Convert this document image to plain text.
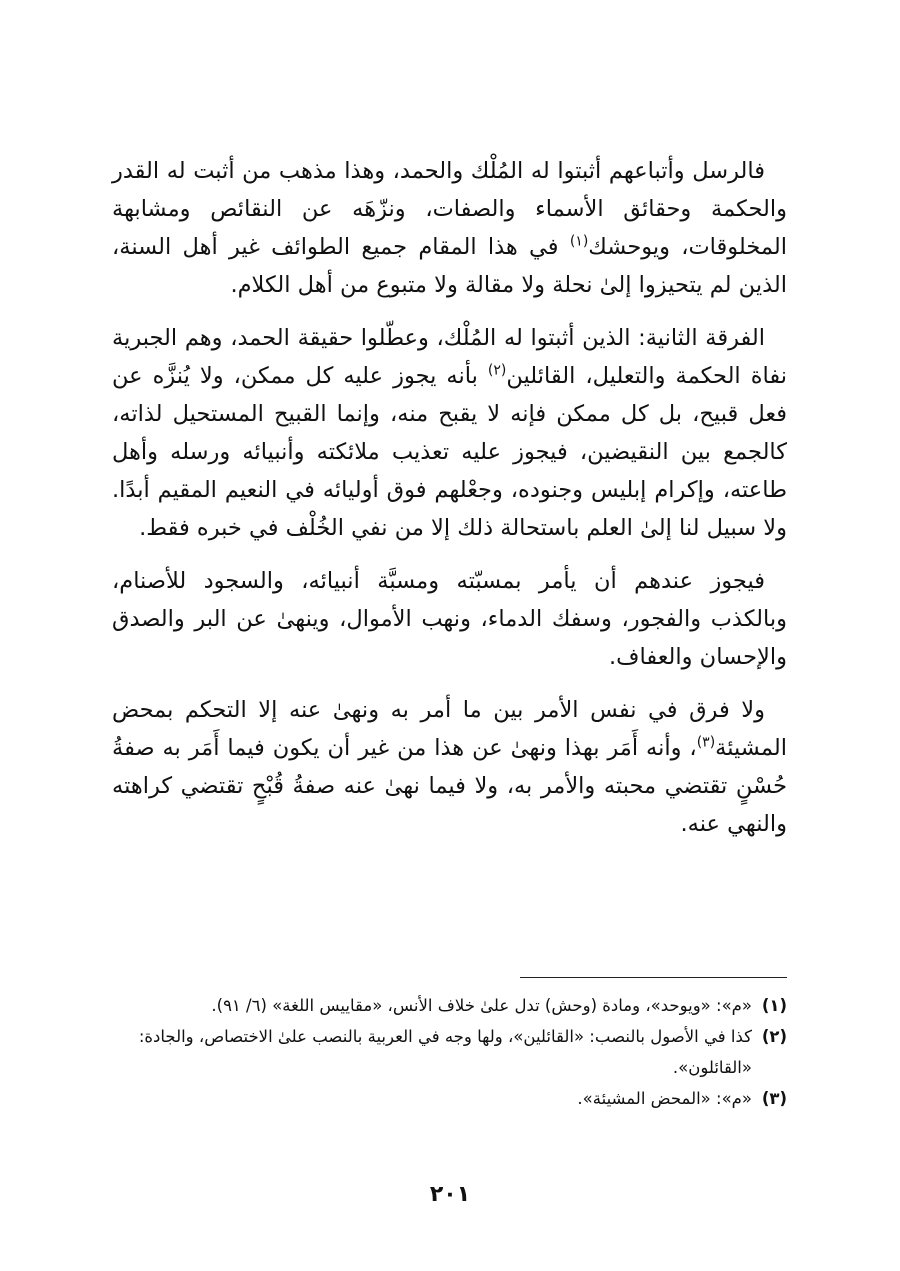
فالرسل وأتباعهم أثبتوا له المُلْك والحمد، وهذا مذهب من أثبت له القدر والحكمة وحقائق الأسماء والصفات، ونزّهَه عن النقائص ومشابهة المخلوقات، ويوحشك$^{(١)}$ في هذا المقام جميع الطوائف غير أهل السنة، الذين لم يتحيزوا إلىٰ نحلة ولا مقالة ولا متبوع من أهل الكلام.

الفرقة الثانية: الذين أثبتوا له المُلْك، وعطّلوا حقيقة الحمد، وهم الجبرية نفاة الحكمة والتعليل، القائلين$^{(٢)}$ بأنه يجوز عليه كل ممكن، ولا يُنزَّه عن فعل قبيح، بل كل ممكن فإنه لا يقبح منه، وإنما القبيح المستحيل لذاته، كالجمع بين النقيضين، فيجوز عليه تعذيب ملائكته وأنبيائه ورسله وأهل طاعته، وإكرام إبليس وجنوده، وجعْلهم فوق أوليائه في النعيم المقيم أبدًا. ولا سبيل لنا إلىٰ العلم باستحالة ذلك إلا من نفي الخُلْف في خبره فقط.

فيجوز عندهم أن يأمر بمسبّته ومسبَّة أنبيائه، والسجود للأصنام، وبالكذب والفجور، وسفك الدماء، ونهب الأموال، وينهىٰ عن البر والصدق والإحسان والعفاف.

ولا فرق في نفس الأمر بين ما أمر به ونهىٰ عنه إلا التحكم بمحض المشيئة$^{(٣)}$، وأنه أَمَر بهذا ونهىٰ عن هذا من غير أن يكون فيما أَمَر به صفةُ حُسْنٍ تقتضي محبته والأمر به، ولا فيما نهىٰ عنه صفةُ قُبْحٍ تقتضي كراهته والنهي عنه.

(١)
«م»: «ويوحد»، ومادة (وحش) تدل علىٰ خلاف الأنس، «مقاييس اللغة» (٦/ ٩١).
(٢)
كذا في الأصول بالنصب: «القائلين»، ولها وجه في العربية بالنصب علىٰ الاختصاص، والجادة: «القائلون».
(٣)
«م»: «المحض المشيئة».
٢٠١
